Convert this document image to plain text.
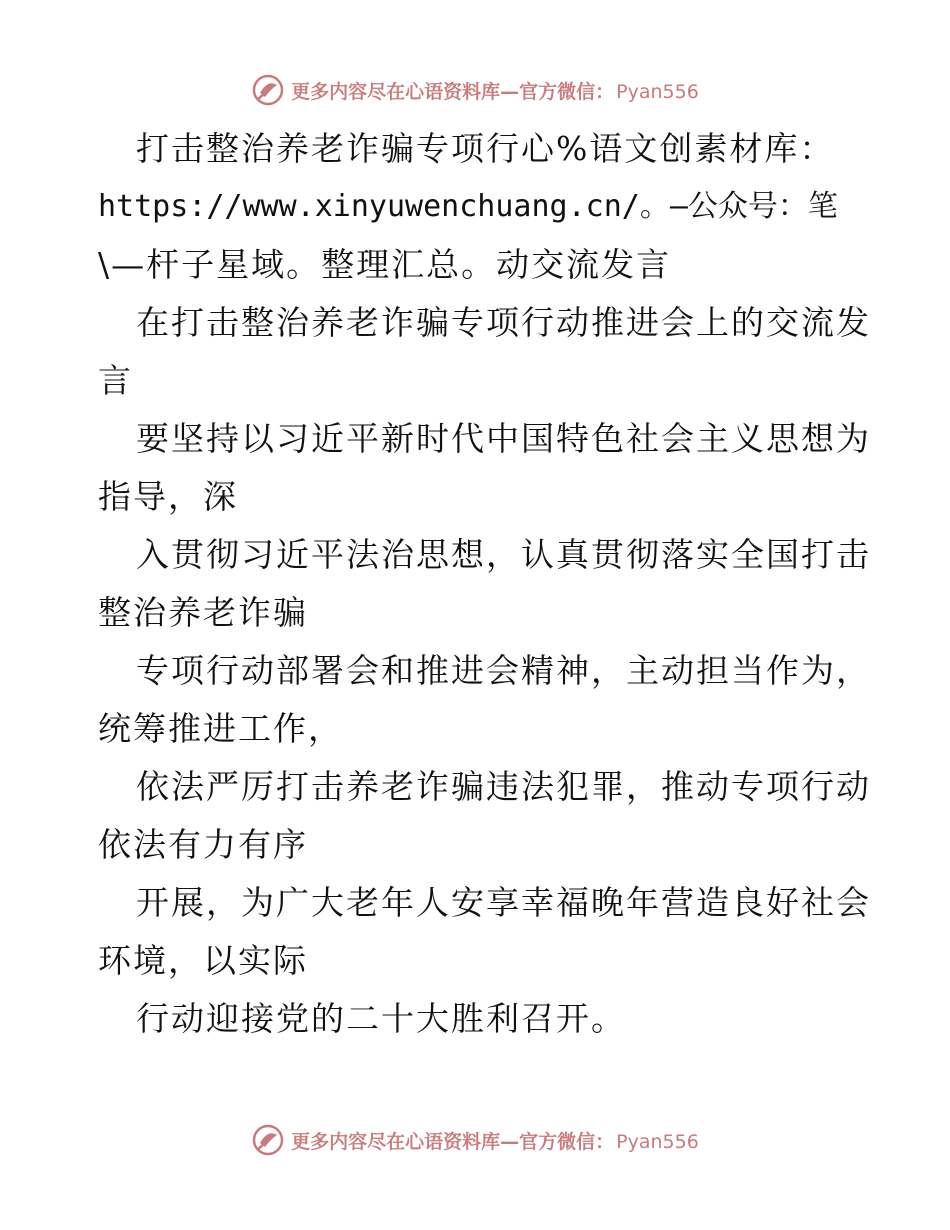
更多内容尽在心语资料库—官方微信： Pyan556
打击整治养老诈骗专项行心%语文创素材库：
https://www.xinyuwenchuang.cn/。—公众号：笔
\—杆子星域。整理汇总。动交流发言
在打击整治养老诈骗专项行动推进会上的交流发
言
要坚持以习近平新时代中国特色社会主义思想为
指导，深
入贯彻习近平法治思想，认真贯彻落实全国打击
整治养老诈骗
专项行动部署会和推进会精神，主动担当作为，
统筹推进工作，
依法严厉打击养老诈骗违法犯罪，推动专项行动
依法有力有序
开展，为广大老年人安享幸福晚年营造良好社会
环境，以实际
行动迎接党的二十大胜利召开。
更多内容尽在心语资料库—官方微信： Pyan556
